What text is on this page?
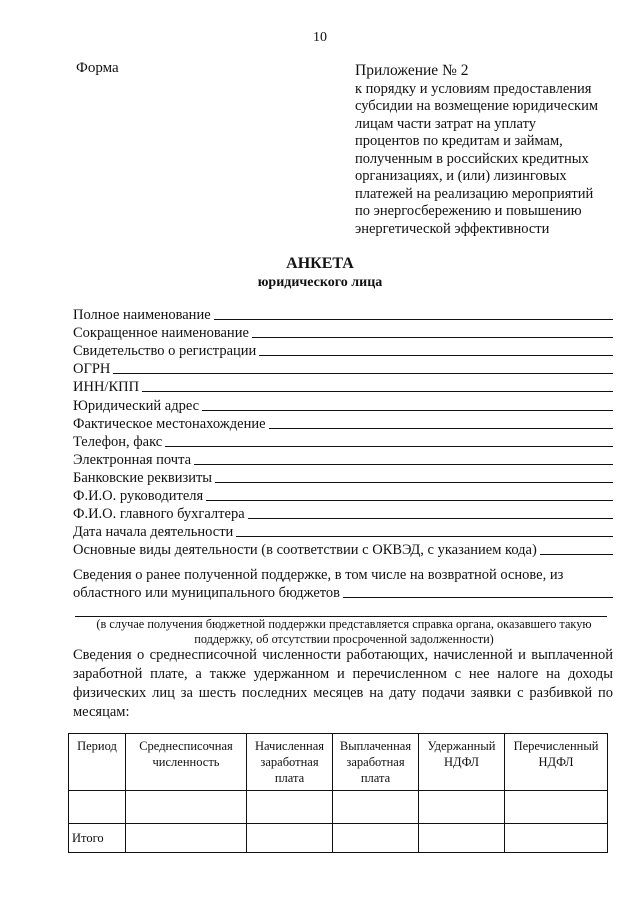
10
Форма	Приложение № 2
к порядку и условиям предоставления
субсидии на возмещение юридическим
лицам части затрат на уплату
процентов по кредитам и займам,
полученным в российских кредитных
организациях, и (или) лизинговых
платежей на реализацию мероприятий
по энергосбережению и повышению
энергетической эффективности
АНКЕТА
юридического лица
Полное наименование
Сокращенное наименование
Свидетельство о регистрации
ОГРН
ИНН/КПП
Юридический адрес
Фактическое местонахождение
Телефон, факс
Электронная почта
Банковские реквизиты
Ф.И.О. руководителя
Ф.И.О. главного бухгалтера
Дата начала деятельности
Основные виды деятельности (в соответствии с ОКВЭД, с указанием кода)
Сведения о ранее полученной поддержке, в том числе на возвратной основе, из
областного или муниципального бюджетов
(в случае получения бюджетной поддержки представляется справка органа, оказавшего такую поддержку, об отсутствии просроченной задолженности)
Сведения о среднесписочной численности работающих, начисленной и выплаченной заработной плате, а также удержанном и перечисленном с нее налоге на доходы физических лиц за шесть последних месяцев на дату подачи заявки с разбивкой по месяцам:
Период	Среднесписочная численность	Начисленная заработная плата	Выплаченная заработная плата	Удержанный НДФЛ	Перечисленный НДФЛ

Итого					
